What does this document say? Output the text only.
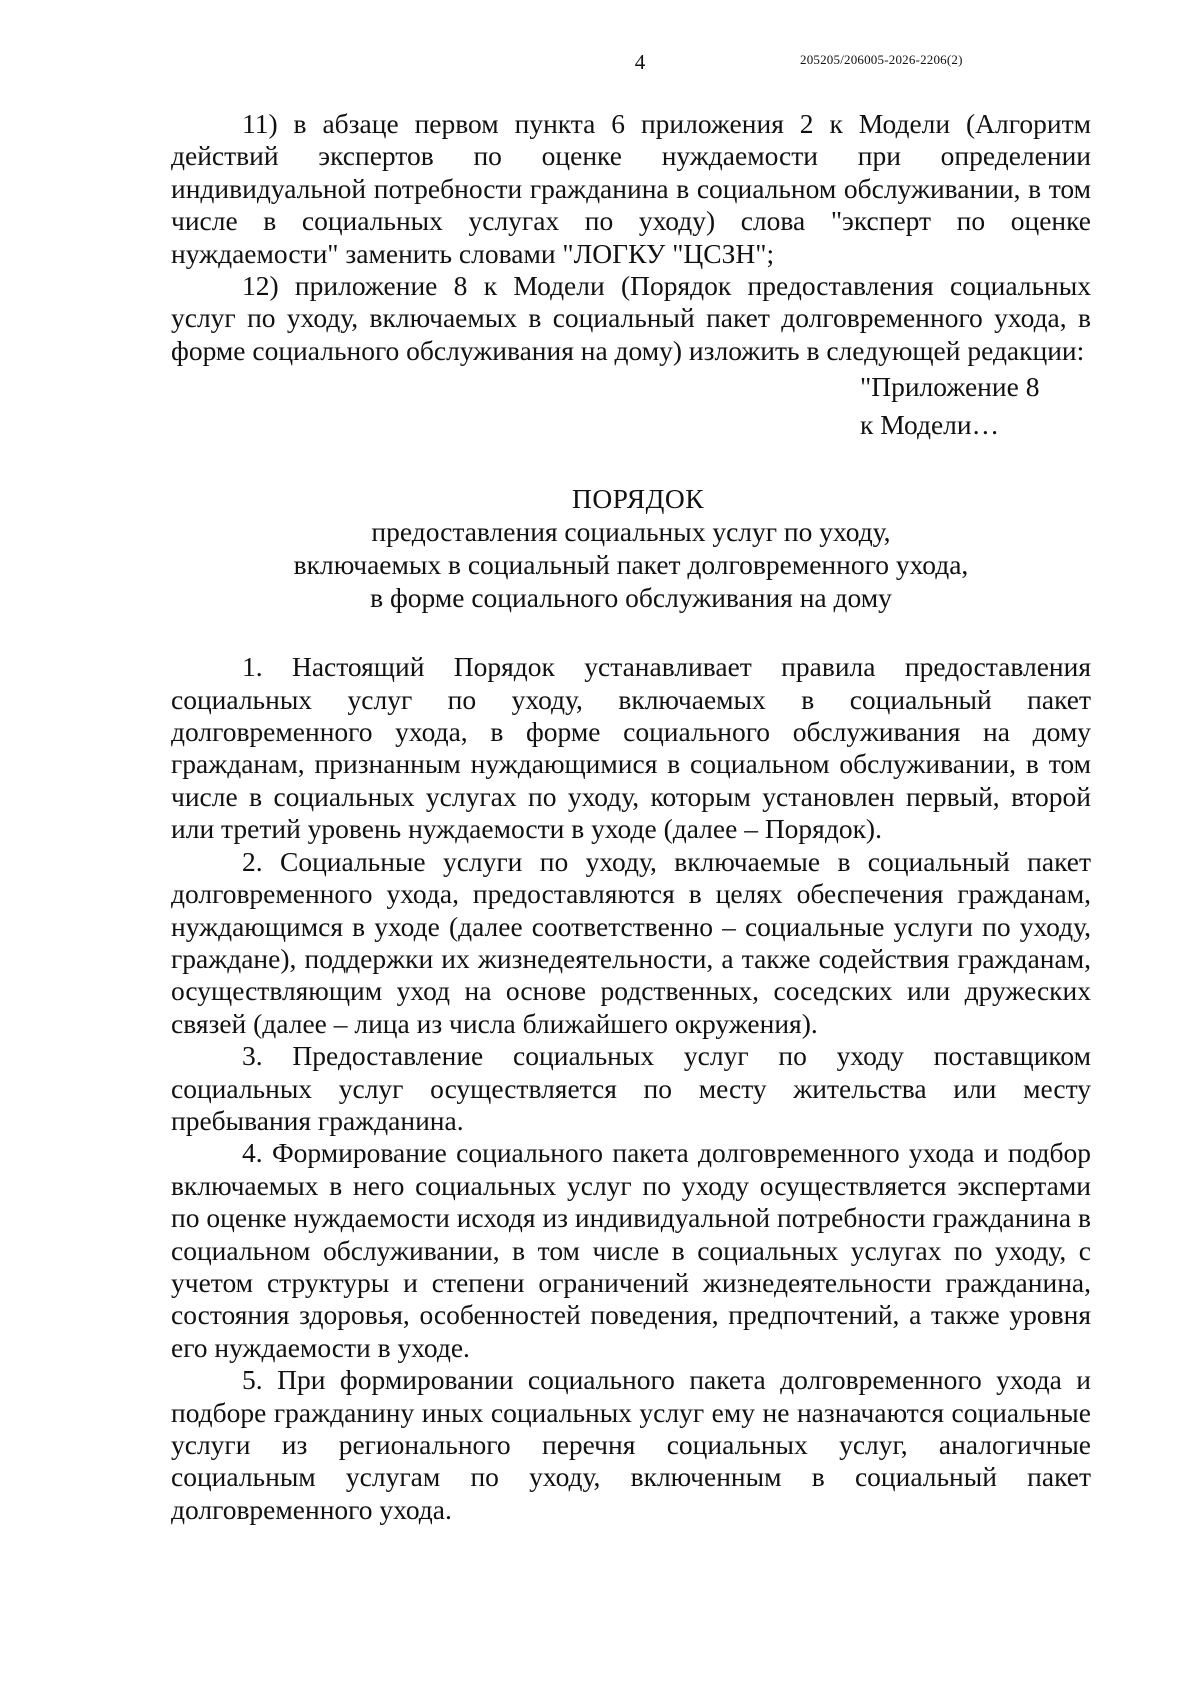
4	205205/206005-2026-2206(2)

11) в абзаце первом пункта 6 приложения 2 к Модели (Алгоритм действий экспертов по оценке нуждаемости при определении индивидуальной потребности гражданина в социальном обслуживании, в том числе в социальных услугах по уходу) слова "эксперт по оценке нуждаемости" заменить словами "ЛОГКУ "ЦСЗН";

12) приложение 8 к Модели (Порядок предоставления социальных услуг по уходу, включаемых в социальный пакет долговременного ухода, в форме социального обслуживания на дому) изложить в следующей редакции:

"Приложение 8
к Модели…
ПОРЯДОК
предоставления социальных услуг по уходу,
включаемых в социальный пакет долговременного ухода,
в форме социального обслуживания на дому

1. Настоящий Порядок устанавливает правила предоставления социальных услуг по уходу, включаемых в социальный пакет долговременного ухода, в форме социального обслуживания на дому гражданам, признанным нуждающимися в социальном обслуживании, в том числе в социальных услугах по уходу, которым установлен первый, второй или третий уровень нуждаемости в уходе (далее – Порядок).

2. Социальные услуги по уходу, включаемые в социальный пакет долговременного ухода, предоставляются в целях обеспечения гражданам, нуждающимся в уходе (далее соответственно – социальные услуги по уходу, граждане), поддержки их жизнедеятельности, а также содействия гражданам, осуществляющим уход на основе родственных, соседских или дружеских связей (далее – лица из числа ближайшего окружения).

3. Предоставление социальных услуг по уходу поставщиком социальных услуг осуществляется по месту жительства или месту пребывания гражданина.

4. Формирование социального пакета долговременного ухода и подбор включаемых в него социальных услуг по уходу осуществляется экспертами по оценке нуждаемости исходя из индивидуальной потребности гражданина в социальном обслуживании, в том числе в социальных услугах по уходу, с учетом структуры и степени ограничений жизнедеятельности гражданина, состояния здоровья, особенностей поведения, предпочтений, а также уровня его нуждаемости в уходе.

5. При формировании социального пакета долговременного ухода и подборе гражданину иных социальных услуг ему не назначаются социальные услуги из регионального перечня социальных услуг, аналогичные социальным услугам по уходу, включенным в социальный пакет долговременного ухода.
